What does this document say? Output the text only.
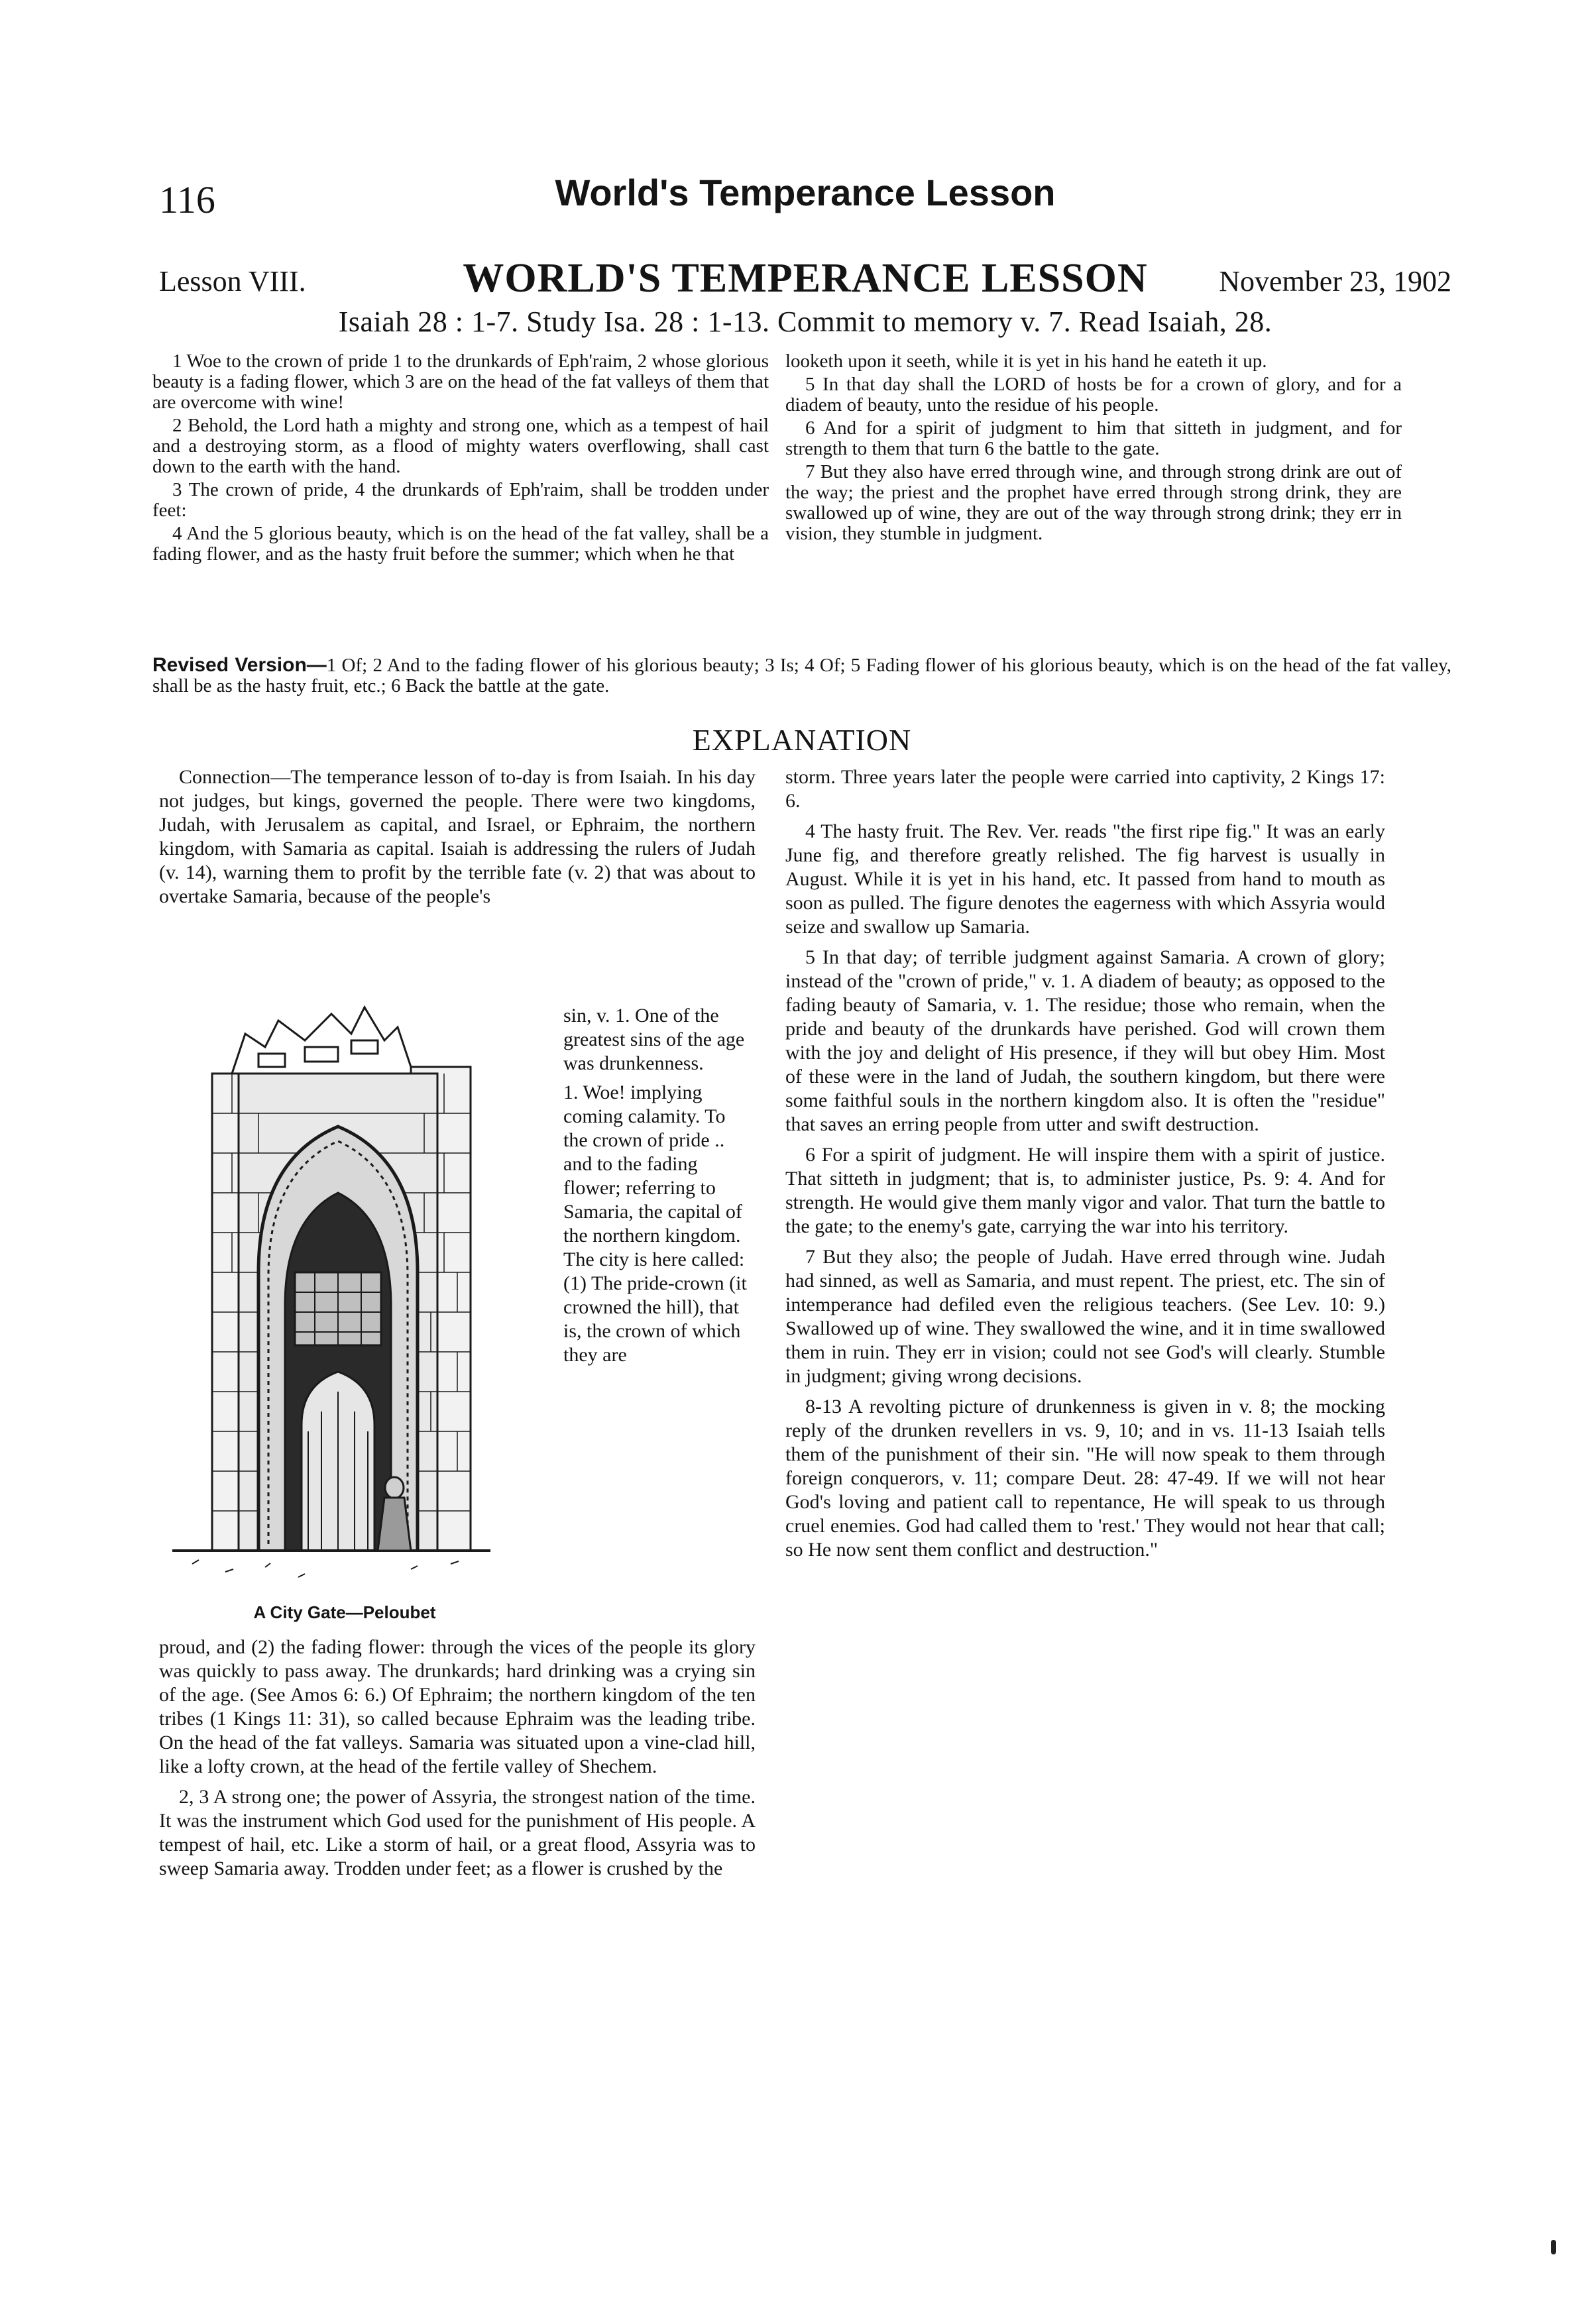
116	World's Temperance Lesson
Lesson VIII.	WORLD'S TEMPERANCE LESSON	November 23, 1902
Isaiah 28 : 1-7. Study Isa. 28 : 1-13. Commit to memory v. 7. Read Isaiah, 28.

1 Woe to the crown of pride 1 to the drunkards of Eph'raim, 2 whose glorious beauty is a fading flower, which 3 are on the head of the fat valleys of them that are overcome with wine!

2 Behold, the Lord hath a mighty and strong one, which as a tempest of hail and a destroying storm, as a flood of mighty waters overflowing, shall cast down to the earth with the hand.

3 The crown of pride, 4 the drunkards of Eph'raim, shall be trodden under feet:

4 And the 5 glorious beauty, which is on the head of the fat valley, shall be a fading flower, and as the hasty fruit before the summer; which when he that

looketh upon it seeth, while it is yet in his hand he eateth it up.

5 In that day shall the LORD of hosts be for a crown of glory, and for a diadem of beauty, unto the residue of his people.

6 And for a spirit of judgment to him that sitteth in judgment, and for strength to them that turn 6 the battle to the gate.

7 But they also have erred through wine, and through strong drink are out of the way; the priest and the prophet have erred through strong drink, they are swallowed up of wine, they are out of the way through strong drink; they err in vision, they stumble in judgment.

Revised Version—1 Of; 2 And to the fading flower of his glorious beauty; 3 Is; 4 Of; 5 Fading flower of his glorious beauty, which is on the head of the fat valley, shall be as the hasty fruit, etc.; 6 Back the battle at the gate.
EXPLANATION

Connection—The temperance lesson of to-day is from Isaiah. In his day not judges, but kings, governed the people. There were two kingdoms, Judah, with Jerusalem as capital, and Israel, or Ephraim, the northern kingdom, with Samaria as capital. Isaiah is addressing the rulers of Judah (v. 14), warning them to profit by the terrible fate (v. 2) that was about to overtake Samaria, because of the people's

A City Gate—Peloubet

sin, v. 1. One of the greatest sins of the age was drunkenness.

1. Woe! implying coming calamity. To the crown of pride .. and to the fading flower; referring to Samaria, the capital of the northern kingdom. The city is here called: (1) The pride-crown (it crowned the hill), that is, the crown of which they are

proud, and (2) the fading flower: through the vices of the people its glory was quickly to pass away. The drunkards; hard drinking was a crying sin of the age. (See Amos 6: 6.) Of Ephraim; the northern kingdom of the ten tribes (1 Kings 11: 31), so called because Ephraim was the leading tribe. On the head of the fat valleys. Samaria was situated upon a vine-clad hill, like a lofty crown, at the head of the fertile valley of Shechem.

2, 3 A strong one; the power of Assyria, the strongest nation of the time. It was the instrument which God used for the punishment of His people. A tempest of hail, etc. Like a storm of hail, or a great flood, Assyria was to sweep Samaria away. Trodden under feet; as a flower is crushed by the

storm. Three years later the people were carried into captivity, 2 Kings 17: 6.

4 The hasty fruit. The Rev. Ver. reads "the first ripe fig." It was an early June fig, and therefore greatly relished. The fig harvest is usually in August. While it is yet in his hand, etc. It passed from hand to mouth as soon as pulled. The figure denotes the eagerness with which Assyria would seize and swallow up Samaria.

5 In that day; of terrible judgment against Samaria. A crown of glory; instead of the "crown of pride," v. 1. A diadem of beauty; as opposed to the fading beauty of Samaria, v. 1. The residue; those who remain, when the pride and beauty of the drunkards have perished. God will crown them with the joy and delight of His presence, if they will but obey Him. Most of these were in the land of Judah, the southern kingdom, but there were some faithful souls in the northern kingdom also. It is often the "residue" that saves an erring people from utter and swift destruction.

6 For a spirit of judgment. He will inspire them with a spirit of justice. That sitteth in judgment; that is, to administer justice, Ps. 9: 4. And for strength. He would give them manly vigor and valor. That turn the battle to the gate; to the enemy's gate, carrying the war into his territory.

7 But they also; the people of Judah. Have erred through wine. Judah had sinned, as well as Samaria, and must repent. The priest, etc. The sin of intemperance had defiled even the religious teachers. (See Lev. 10: 9.) Swallowed up of wine. They swallowed the wine, and it in time swallowed them in ruin. They err in vision; could not see God's will clearly. Stumble in judgment; giving wrong decisions.

8-13 A revolting picture of drunkenness is given in v. 8; the mocking reply of the drunken revellers in vs. 9, 10; and in vs. 11-13 Isaiah tells them of the punishment of their sin. "He will now speak to them through foreign conquerors, v. 11; compare Deut. 28: 47-49. If we will not hear God's loving and patient call to repentance, He will speak to us through cruel enemies. God had called them to 'rest.' They would not hear that call; so He now sent them conflict and destruction."
